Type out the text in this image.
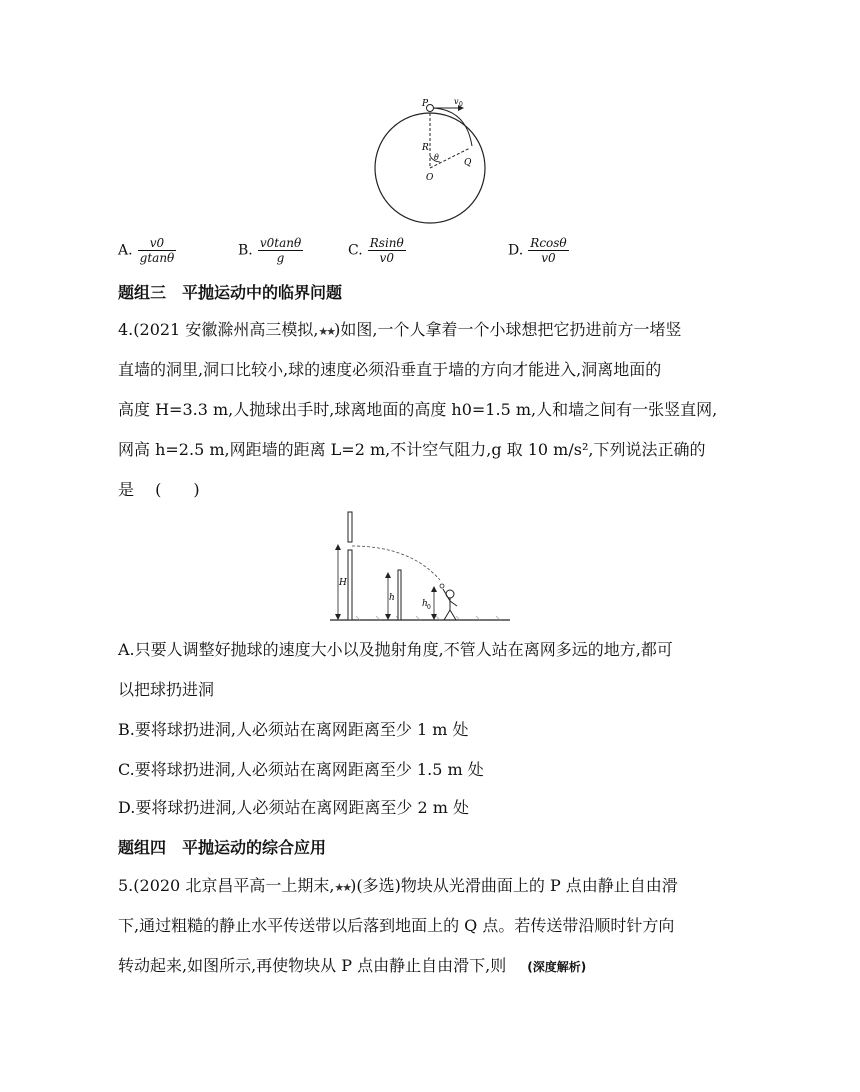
P	v 0
R
θ
Q
O
A. $\frac{v0}{gtan\theta}$	B. $\frac{v0\tan\theta}{g}$	C. $\frac{Rsin\theta}{v0}$	D. $\frac{Rcos\theta}{v0}$
题组三　平抛运动中的临界问题
4.(2021 安徽滁州高三模拟,★★)如图,一个人拿着一个小球想把它扔进前方一堵竖
直墙的洞里,洞口比较小,球的速度必须沿垂直于墙的方向才能进入,洞离地面的
高度 H=3.3 m,人抛球出手时,球离地面的高度 h0=1.5 m,人和墙之间有一张竖直网,
网高 h=2.5 m,网距墙的距离 L=2 m,不计空气阻力,g 取 10 m/s²,下列说法正确的
是　 (　　)
H
h
h 0
A.只要人调整好抛球的速度大小以及抛射角度,不管人站在离网多远的地方,都可
以把球扔进洞
B.要将球扔进洞,人必须站在离网距离至少 1 m 处
C.要将球扔进洞,人必须站在离网距离至少 1.5 m 处
D.要将球扔进洞,人必须站在离网距离至少 2 m 处
题组四　平抛运动的综合应用
5.(2020 北京昌平高一上期末,★★)(多选)物块从光滑曲面上的 P 点由静止自由滑
下,通过粗糙的静止水平传送带以后落到地面上的 Q 点。若传送带沿顺时针方向
转动起来,如图所示,再使物块从 P 点由静止自由滑下,则 (深度解析)
